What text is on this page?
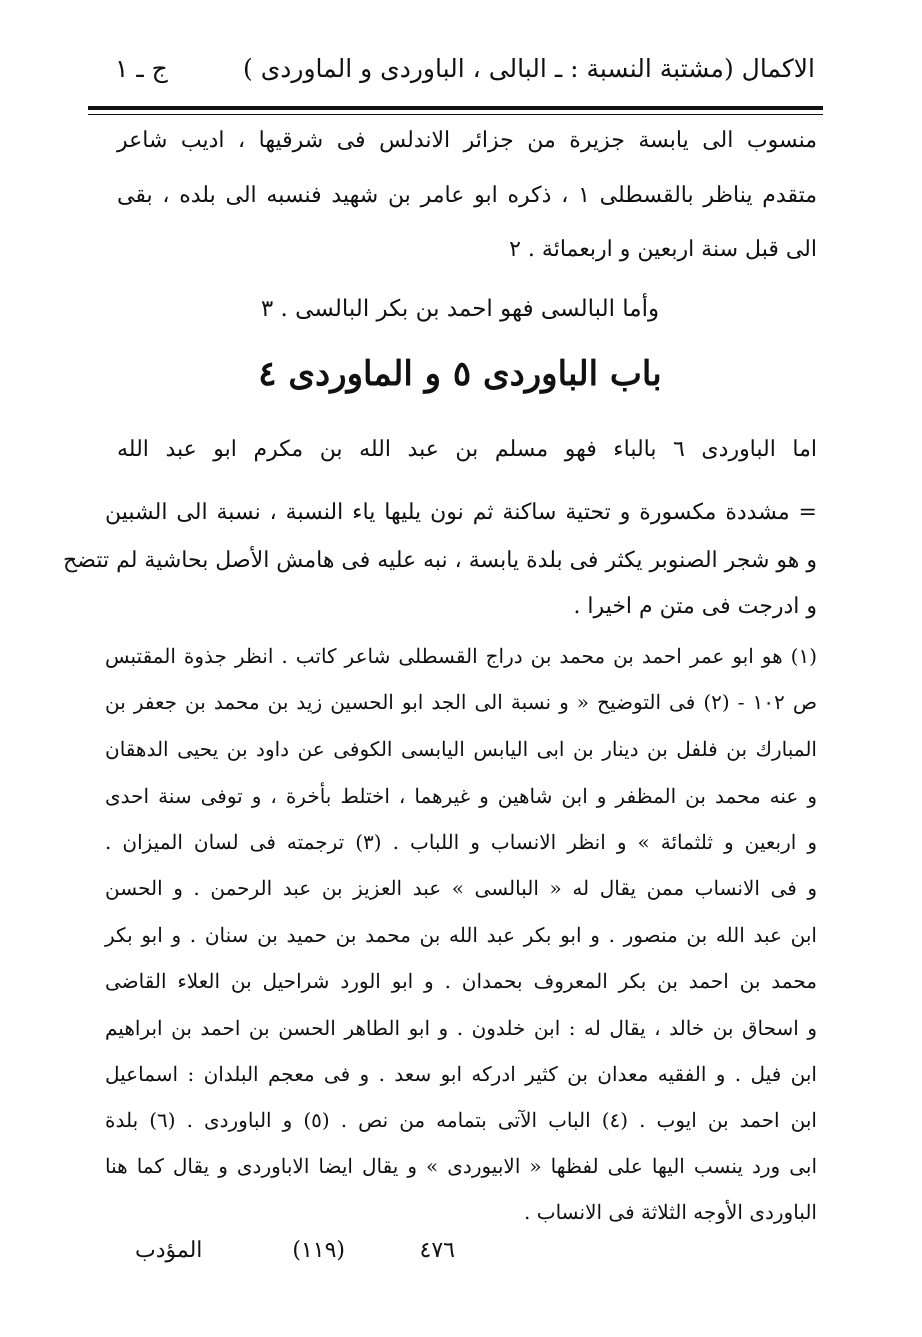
الاكمال (مشتبة النسبة : ـ البالى ، الباوردى و الماوردى )
ج ـ ١
منسوب الى يابسة جزيرة من جزائر الاندلس فى شرقيها ، اديب شاعر
متقدم يناظر بالقسطلى ١ ، ذكره ابو عامر بن شهيد فنسبه الى بلده ، بقى
الى قبل سنة اربعين و اربعمائة . ٢
وأما البالسى فهو احمد بن بكر البالسى . ٣
باب الباوردى ٥ و الماوردى ٤
اما الباوردى ٦ بالباء فهو مسلم بن عبد الله بن مكرم ابو عبد الله
= مشددة مكسورة و تحتية ساكنة ثم نون يليها ياء النسبة ، نسبة الى الشبين
و هو شجر الصنوبر يكثر فى بلدة يابسة ، نبه عليه فى هامش الأصل بحاشية لم تتضح
و ادرجت فى متن م اخيرا .
(١) هو ابو عمر احمد بن محمد بن دراج القسطلى شاعر كاتب . انظر جذوة المقتبس
ص ١٠٢ - (٢) فى التوضيح « و نسبة الى الجد ابو الحسين زيد بن محمد بن جعفر بن
المبارك بن فلفل بن دينار بن ابى اليابس اليابسى الكوفى عن داود بن يحيى الدهقان
و عنه محمد بن المظفر و ابن شاهين و غيرهما ، اختلط بأخرة ، و توفى سنة احدى
و اربعين و ثلثمائة » و انظر الانساب و اللباب . (٣) ترجمته فى لسان الميزان .
و فى الانساب ممن يقال له « البالسى » عبد العزيز بن عبد الرحمن . و الحسن
ابن عبد الله بن منصور . و ابو بكر عبد الله بن محمد بن حميد بن سنان . و ابو بكر
محمد بن احمد بن بكر المعروف بحمدان . و ابو الورد شراحيل بن العلاء القاضى
و اسحاق بن خالد ، يقال له : ابن خلدون . و ابو الطاهر الحسن بن احمد بن ابراهيم
ابن فيل . و الفقيه معدان بن كثير ادركه ابو سعد . و فى معجم البلدان : اسماعيل
ابن احمد بن ايوب . (٤) الباب الآتى بتمامه من نص . (٥) و الباوردى . (٦) بلدة
ابى ورد ينسب اليها على لفظها « الابيوردى » و يقال ايضا الاباوردى و يقال كما هنا
الباوردى الأوجه الثلاثة فى الانساب .
٤٧٦
(١١٩)
المؤدب
